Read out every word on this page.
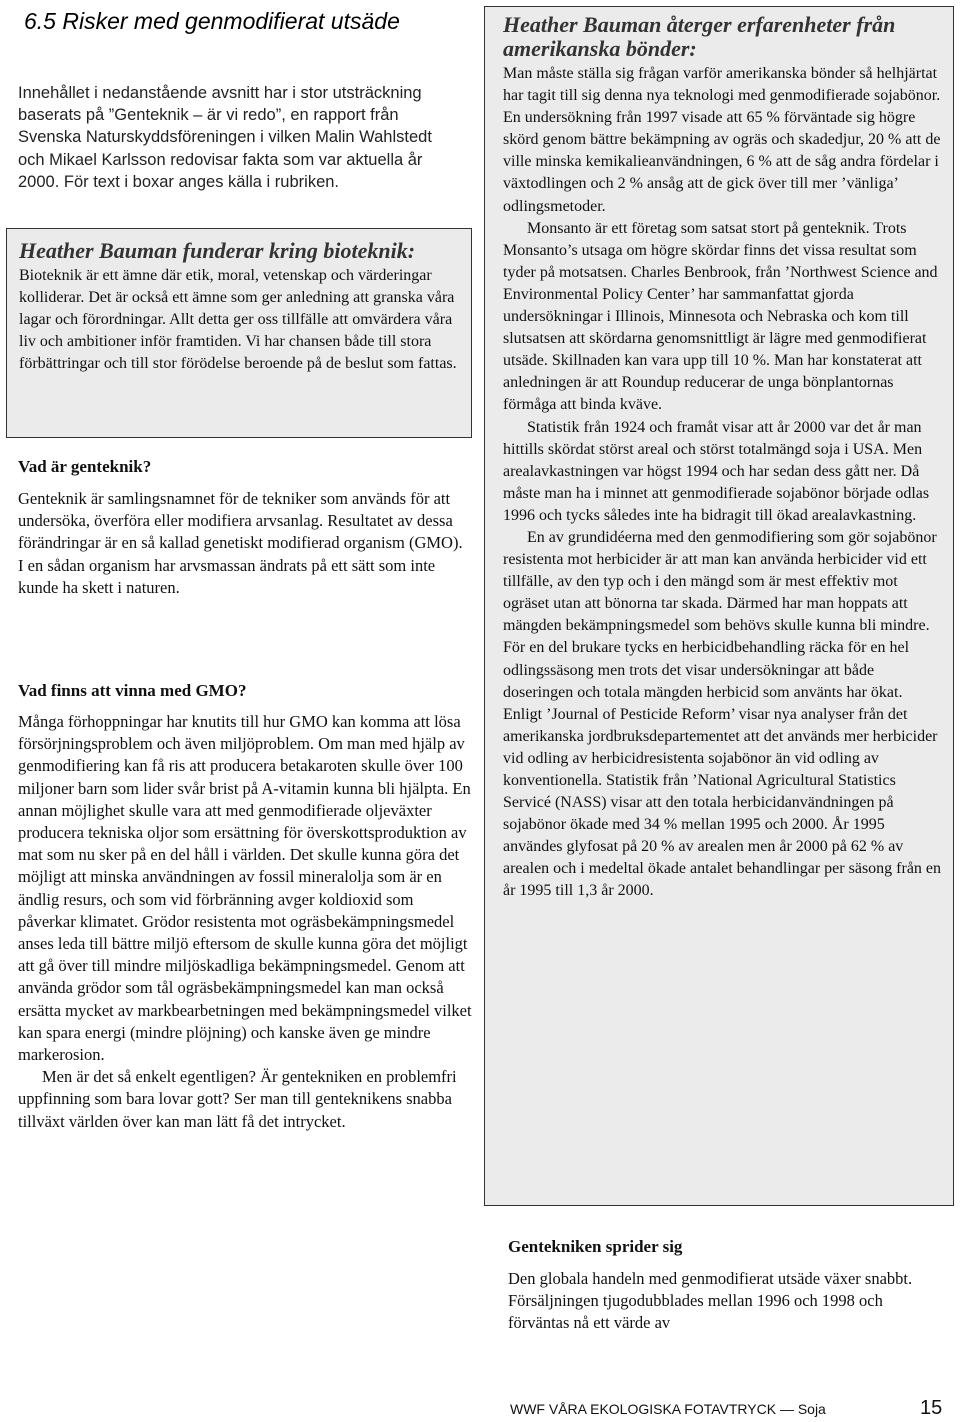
6.5 Risker med genmodifierat utsäde

Innehållet i nedanstående avsnitt har i stor utsträckning baserats på ”Genteknik – är vi redo”, en rapport från Svenska Naturskyddsföreningen i vilken Malin Wahlstedt och Mikael Karlsson redovisar fakta som var aktuella år 2000. För text i boxar anges källa i rubriken.

Heather Bauman funderar kring bioteknik:

Bioteknik är ett ämne där etik, moral, vetenskap och värderingar kolliderar. Det är också ett ämne som ger anledning att granska våra lagar och förordningar. Allt detta ger oss tillfälle att omvärdera våra liv och ambitioner inför framtiden. Vi har chansen både till stora förbättringar och till stor förödelse beroende på de beslut som fattas.

Vad är genteknik?

Genteknik är samlingsnamnet för de tekniker som används för att undersöka, överföra eller modifiera arvsanlag. Resultatet av dessa förändringar är en så kallad genetiskt modifierad organism (GMO). I en sådan organism har arvsmassan ändrats på ett sätt som inte kunde ha skett i naturen.

Vad finns att vinna med GMO?

Många förhoppningar har knutits till hur GMO kan komma att lösa försörjningsproblem och även miljöproblem. Om man med hjälp av genmodifiering kan få ris att producera betakaroten skulle över 100 miljoner barn som lider svår brist på A-vitamin kunna bli hjälpta. En annan möjlighet skulle vara att med genmodifierade oljeväxter producera tekniska oljor som ersättning för överskottsproduktion av mat som nu sker på en del håll i världen. Det skulle kunna göra det möjligt att minska användningen av fossil mineralolja som är en ändlig resurs, och som vid förbränning avger koldioxid som påverkar klimatet. Grödor resistenta mot ogräsbekämpningsmedel anses leda till bättre miljö eftersom de skulle kunna göra det möjligt att gå över till mindre miljöskadliga bekämpningsmedel. Genom att använda grödor som tål ogräsbekämpningsmedel kan man också ersätta mycket av markbearbetningen med bekämpningsmedel vilket kan spara energi (mindre plöjning) och kanske även ge mindre markerosion.

Men är det så enkelt egentligen? Är gentekniken en problemfri uppfinning som bara lovar gott? Ser man till genteknikens snabba tillväxt världen över kan man lätt få det intrycket.

Heather Bauman återger erfarenheter från amerikanska bönder:

Man måste ställa sig frågan varför amerikanska bönder så helhjärtat har tagit till sig denna nya teknologi med genmodifierade sojabönor. En undersökning från 1997 visade att 65 % förväntade sig högre skörd genom bättre bekämpning av ogräs och skadedjur, 20 % att de ville minska kemikalieanvändningen, 6 % att de såg andra fördelar i växtodlingen och 2 % ansåg att de gick över till mer ’vänliga’ odlingsmetoder.

Monsanto är ett företag som satsat stort på genteknik. Trots Monsanto’s utsaga om högre skördar finns det vissa resultat som tyder på motsatsen. Charles Benbrook, från ’Northwest Science and Environmental Policy Center’ har sammanfattat gjorda undersökningar i Illinois, Minnesota och Nebraska och kom till slutsatsen att skördarna genomsnittligt är lägre med genmodifierat utsäde. Skillnaden kan vara upp till 10 %. Man har konstaterat att anledningen är att Roundup reducerar de unga bönplantornas förmåga att binda kväve.

Statistik från 1924 och framåt visar att år 2000 var det år man hittills skördat störst areal och störst totalmängd soja i USA. Men arealavkastningen var högst 1994 och har sedan dess gått ner. Då måste man ha i minnet att genmodifierade sojabönor började odlas 1996 och tycks således inte ha bidragit till ökad arealavkastning.

En av grundidéerna med den genmodifiering som gör sojabönor resistenta mot herbicider är att man kan använda herbicider vid ett tillfälle, av den typ och i den mängd som är mest effektiv mot ogräset utan att bönorna tar skada. Därmed har man hoppats att mängden bekämpningsmedel som behövs skulle kunna bli mindre. För en del brukare tycks en herbicidbehandling räcka för en hel odlingssäsong men trots det visar undersökningar att både doseringen och totala mängden herbicid som använts har ökat. Enligt ’Journal of Pesticide Reform’ visar nya analyser från det amerikanska jordbruksdepartementet att det används mer herbicider vid odling av herbicidresistenta sojabönor än vid odling av konventionella. Statistik från ’National Agricultural Statistics Servicé (NASS) visar att den totala herbicidanvändningen på sojabönor ökade med 34 % mellan 1995 och 2000. År 1995 användes glyfosat på 20 % av arealen men år 2000 på 62 % av arealen och i medeltal ökade antalet behandlingar per säsong från en år 1995 till 1,3 år 2000.

Gentekniken sprider sig

Den globala handeln med genmodifierat utsäde växer snabbt. Försäljningen tjugodubblades mellan 1996 och 1998 och förväntas nå ett värde av

WWF VÅRA EKOLOGISKA FOTAVTRYCK — Soja	15
